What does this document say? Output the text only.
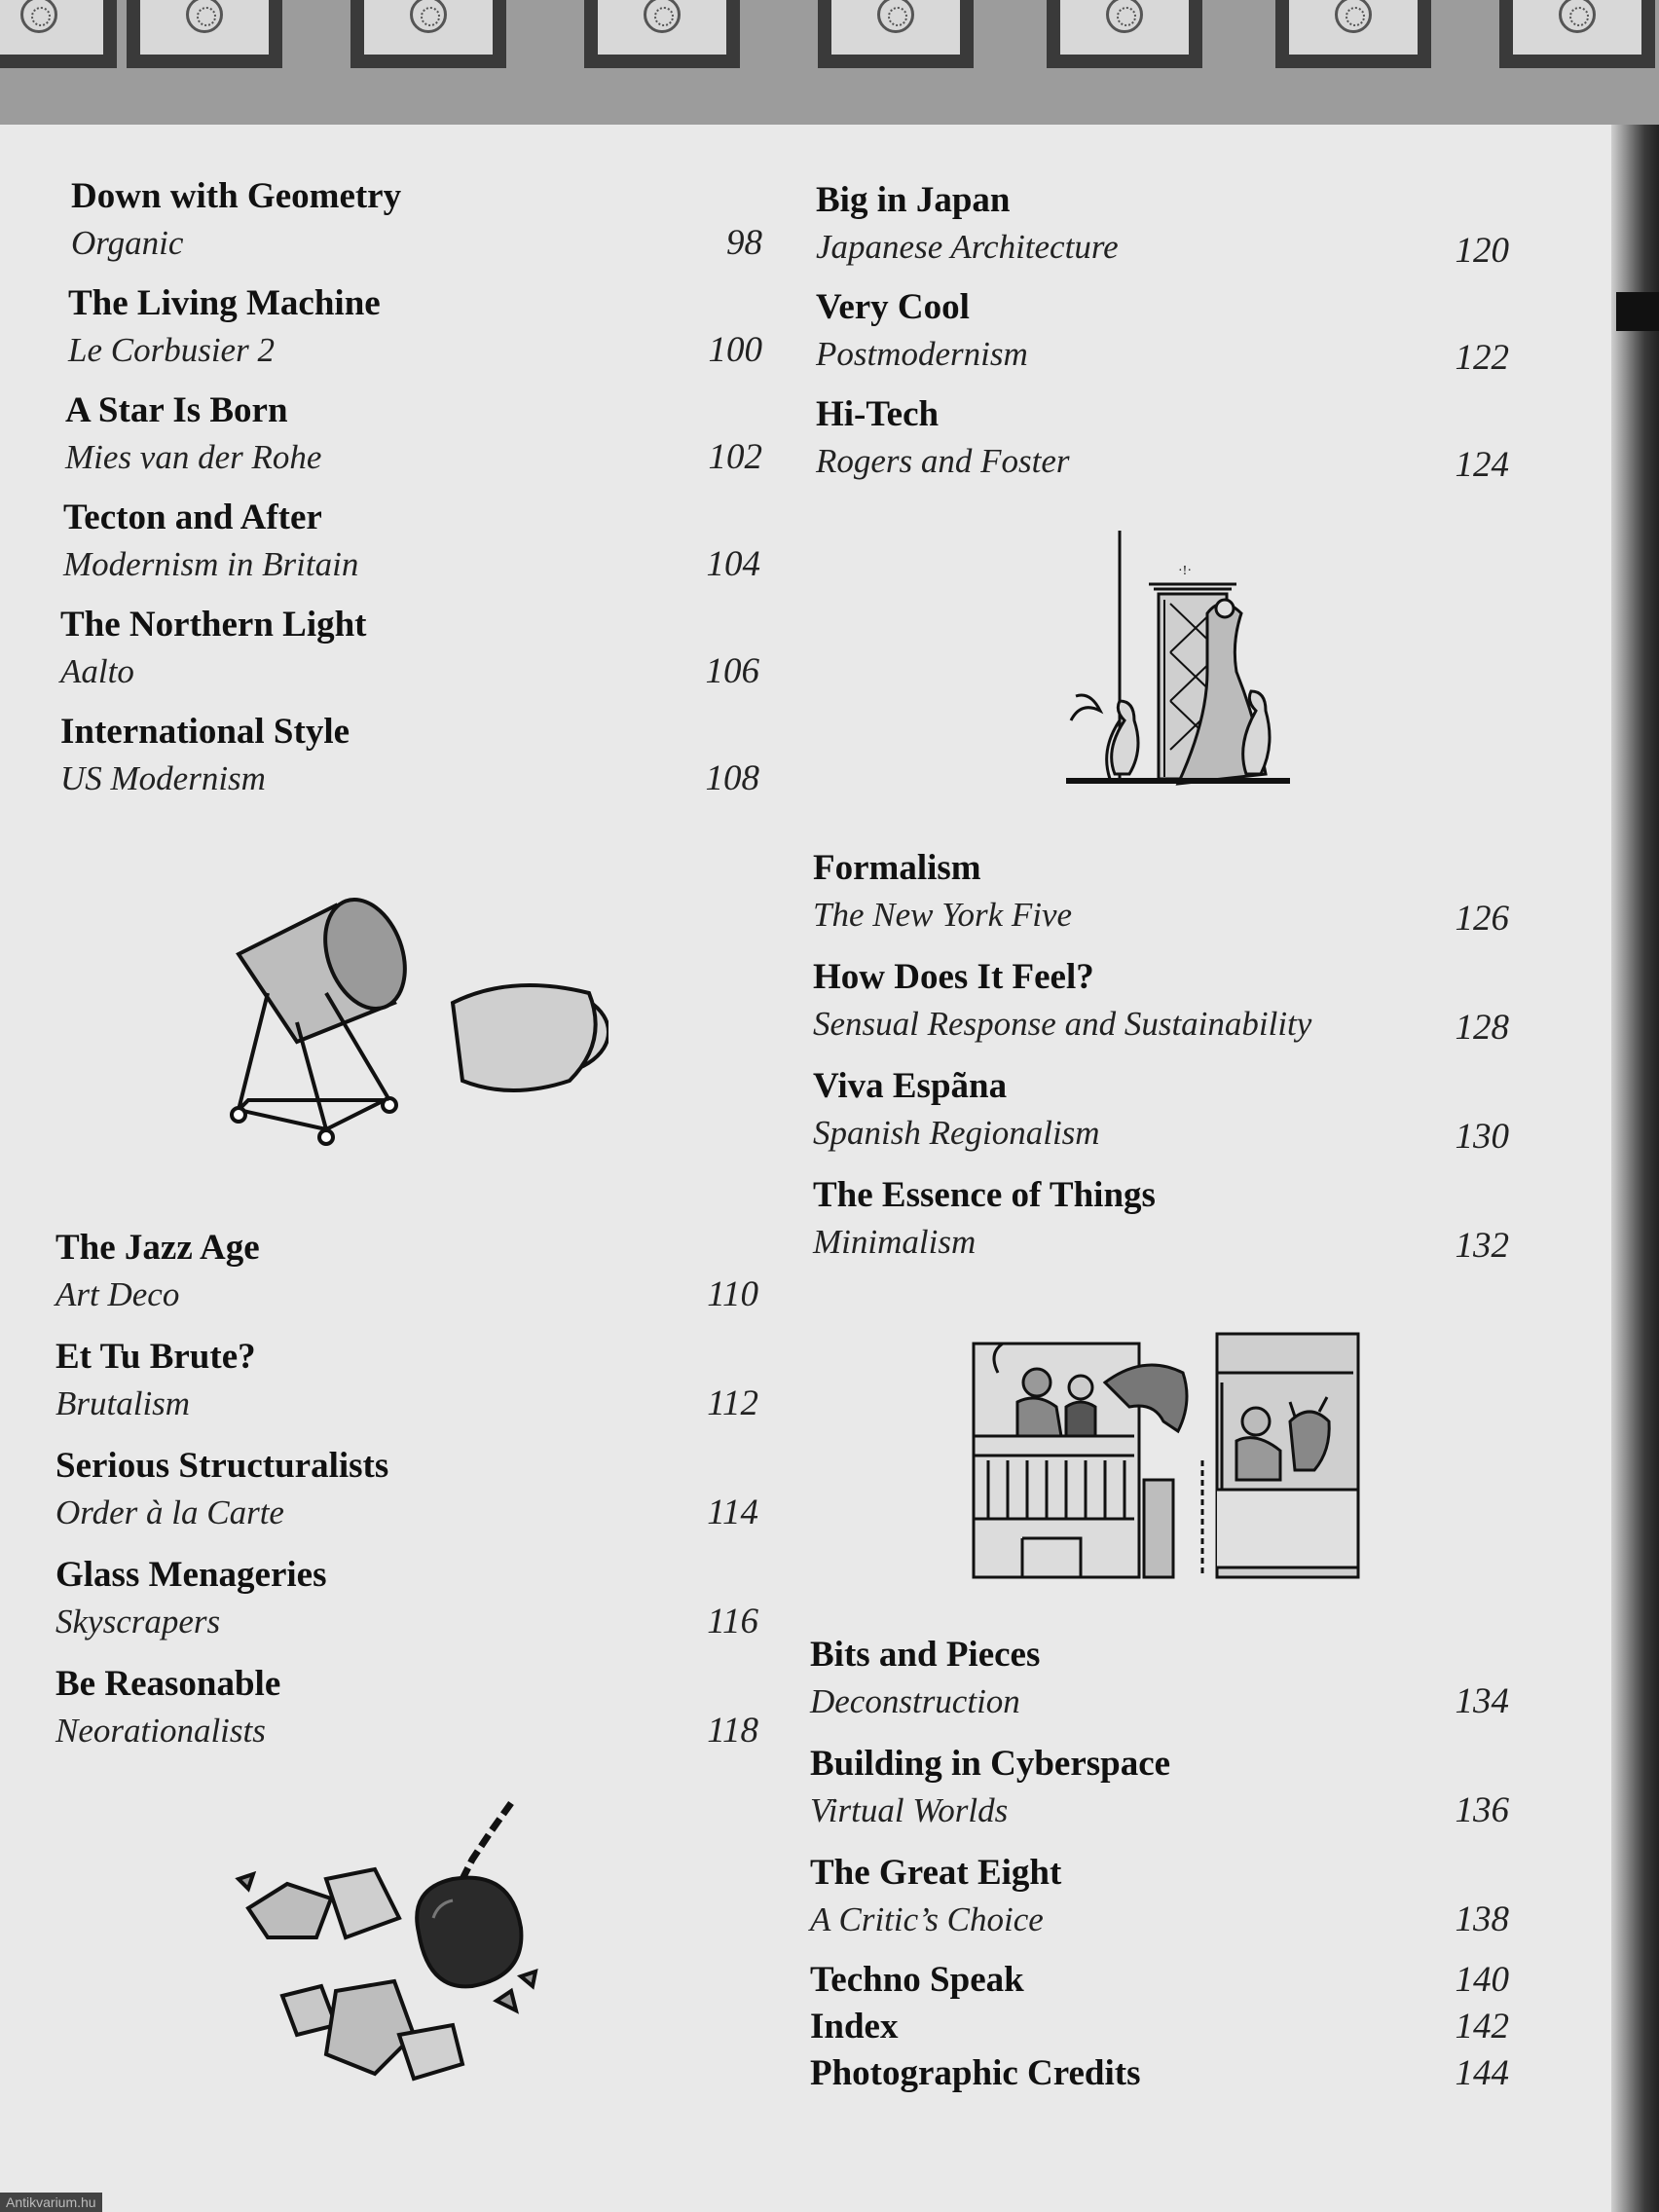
Down with Geometry
Organic	98
The Living Machine
Le Corbusier 2	100
A Star Is Born
Mies van der Rohe	102
Tecton and After
Modernism in Britain	104
The Northern Light
Aalto	106
International Style
US Modernism	108
The Jazz Age
Art Deco	110
Et Tu Brute?
Brutalism	112
Serious Structuralists
Order à la Carte	114
Glass Menageries
Skyscrapers	116
Be Reasonable
Neorationalists	118
Big in Japan
Japanese Architecture	120
Very Cool
Postmodernism	122
Hi-Tech
Rogers and Foster	124
·!·
Formalism
The New York Five	126
How Does It Feel?
Sensual Response and Sustainability	128
Viva Espãna
Spanish Regionalism	130
The Essence of Things
Minimalism	132
Bits and Pieces
Deconstruction	134
Building in Cyberspace
Virtual Worlds	136
The Great Eight
A Critic’s Choice	138
Techno Speak	140
Index	142
Photographic Credits	144
Antikvarium.hu
